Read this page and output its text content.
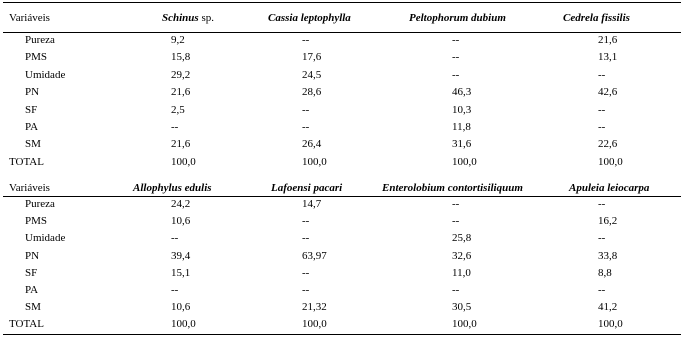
Variáveis	Schinus sp.	Cassia leptophylla	Peltophorum dubium	Cedrela fissilis
Pureza	9,2	--	--	21,6
PMS	15,8	17,6	--	13,1
Umidade	29,2	24,5	--	--
PN	21,6	28,6	46,3	42,6
SF	2,5	--	10,3	--
PA	--	--	11,8	--
SM	21,6	26,4	31,6	22,6
TOTAL	100,0	100,0	100,0	100,0
Variáveis	Allophylus edulis	Lafoensi pacari	Enterolobium contortisiliquum	Apuleia leiocarpa
Pureza	24,2	14,7	--	--
PMS	10,6	--	--	16,2
Umidade	--	--	25,8	--
PN	39,4	63,97	32,6	33,8
SF	15,1	--	11,0	8,8
PA	--	--	--	--
SM	10,6	21,32	30,5	41,2
TOTAL	100,0	100,0	100,0	100,0
